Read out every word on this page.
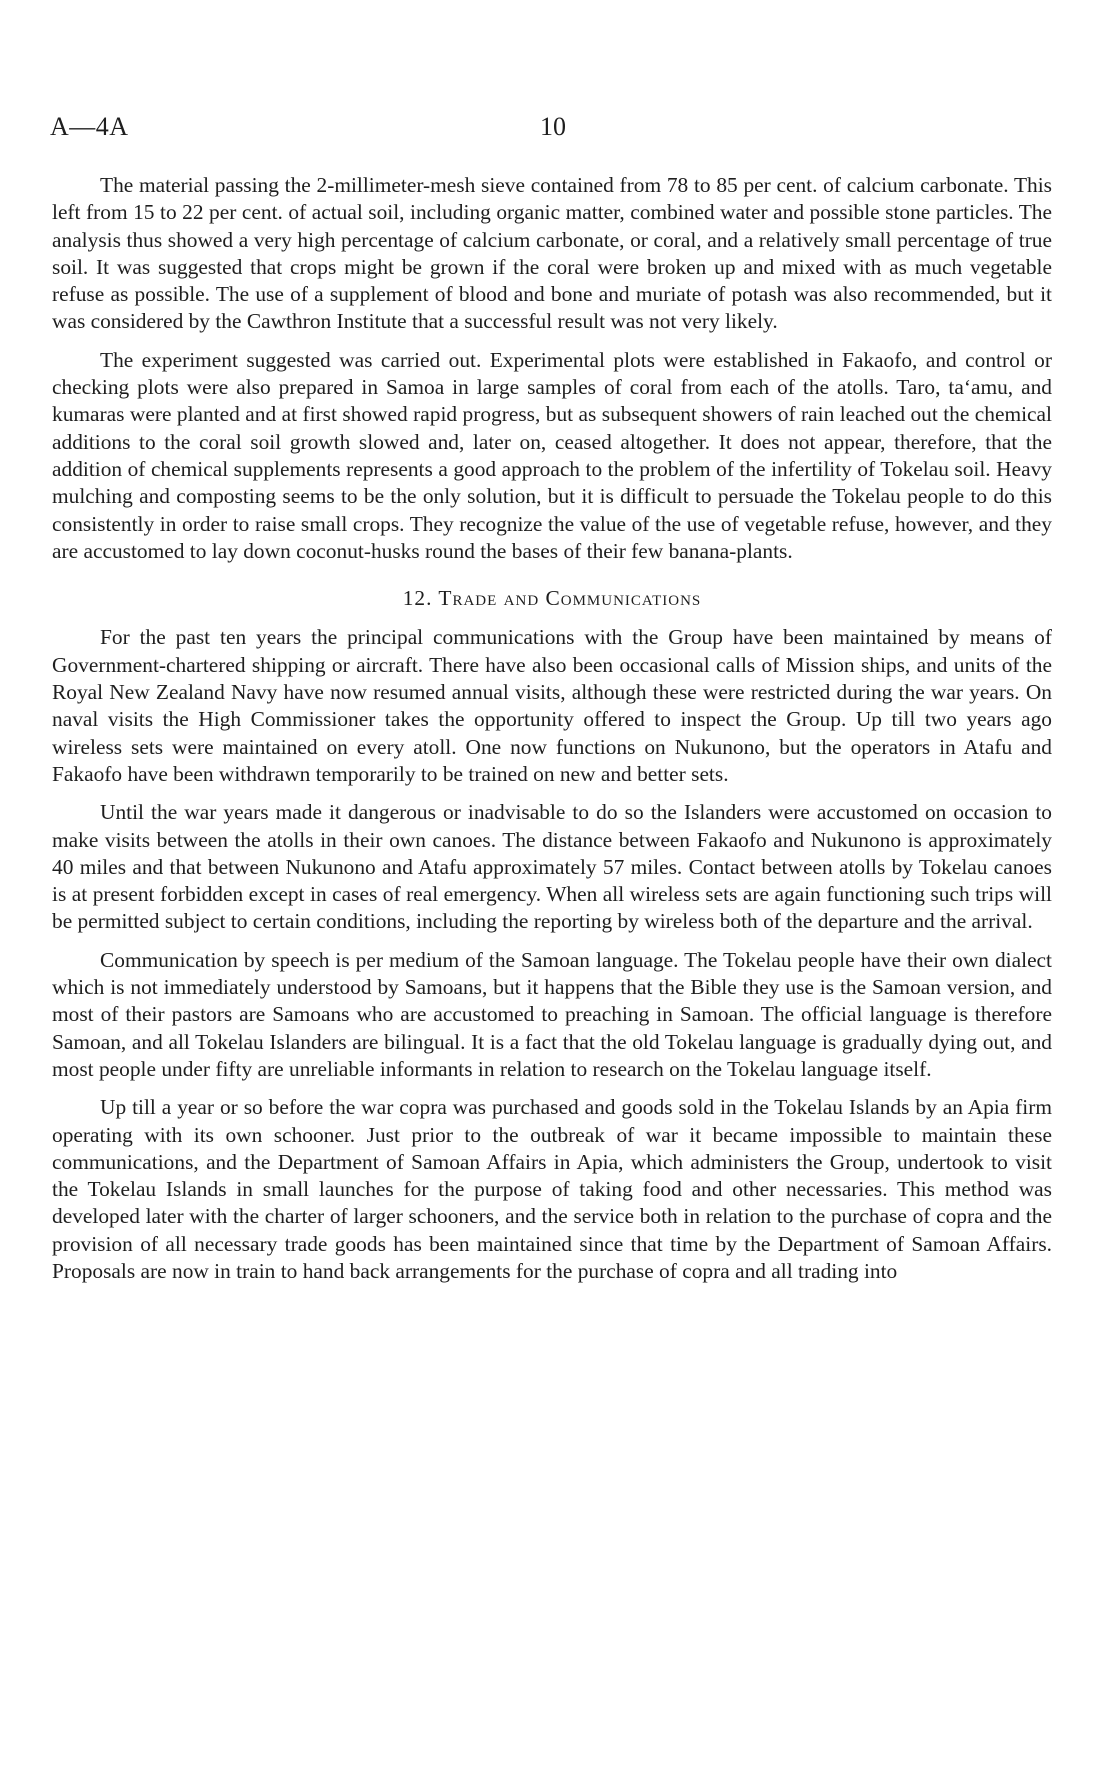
A—4A	10

The material passing the 2-millimeter-mesh sieve contained from 78 to 85 per cent. of calcium carbonate. This left from 15 to 22 per cent. of actual soil, including organic matter, combined water and possible stone particles. The analysis thus showed a very high percentage of calcium carbonate, or coral, and a relatively small percentage of true soil. It was suggested that crops might be grown if the coral were broken up and mixed with as much vegetable refuse as possible. The use of a supplement of blood and bone and muriate of potash was also recommended, but it was considered by the Cawthron Institute that a successful result was not very likely.

The experiment suggested was carried out. Experimental plots were established in Fakaofo, and control or checking plots were also prepared in Samoa in large samples of coral from each of the atolls. Taro, ta‘amu, and kumaras were planted and at first showed rapid progress, but as subsequent showers of rain leached out the chemical additions to the coral soil growth slowed and, later on, ceased altogether. It does not appear, therefore, that the addition of chemical supplements represents a good approach to the problem of the infertility of Tokelau soil. Heavy mulching and composting seems to be the only solution, but it is difficult to persuade the Tokelau people to do this consistently in order to raise small crops. They recognize the value of the use of vegetable refuse, however, and they are accustomed to lay down coconut-husks round the bases of their few banana-plants.

12. Trade and Communications

For the past ten years the principal communications with the Group have been maintained by means of Government-chartered shipping or aircraft. There have also been occasional calls of Mission ships, and units of the Royal New Zealand Navy have now resumed annual visits, although these were restricted during the war years. On naval visits the High Commissioner takes the opportunity offered to inspect the Group. Up till two years ago wireless sets were maintained on every atoll. One now functions on Nukunono, but the operators in Atafu and Fakaofo have been withdrawn temporarily to be trained on new and better sets.

Until the war years made it dangerous or inadvisable to do so the Islanders were accustomed on occasion to make visits between the atolls in their own canoes. The distance between Fakaofo and Nukunono is approximately 40 miles and that between Nukunono and Atafu approximately 57 miles. Contact between atolls by Tokelau canoes is at present forbidden except in cases of real emergency. When all wireless sets are again functioning such trips will be permitted subject to certain conditions, including the reporting by wireless both of the departure and the arrival.

Communication by speech is per medium of the Samoan language. The Tokelau people have their own dialect which is not immediately understood by Samoans, but it happens that the Bible they use is the Samoan version, and most of their pastors are Samoans who are accustomed to preaching in Samoan. The official language is therefore Samoan, and all Tokelau Islanders are bilingual. It is a fact that the old Tokelau language is gradually dying out, and most people under fifty are unreliable informants in relation to research on the Tokelau language itself.

Up till a year or so before the war copra was purchased and goods sold in the Tokelau Islands by an Apia firm operating with its own schooner. Just prior to the outbreak of war it became impossible to maintain these communications, and the Department of Samoan Affairs in Apia, which administers the Group, undertook to visit the Tokelau Islands in small launches for the purpose of taking food and other necessaries. This method was developed later with the charter of larger schooners, and the service both in relation to the purchase of copra and the provision of all necessary trade goods has been maintained since that time by the Department of Samoan Affairs. Proposals are now in train to hand back arrangements for the purchase of copra and all trading into
